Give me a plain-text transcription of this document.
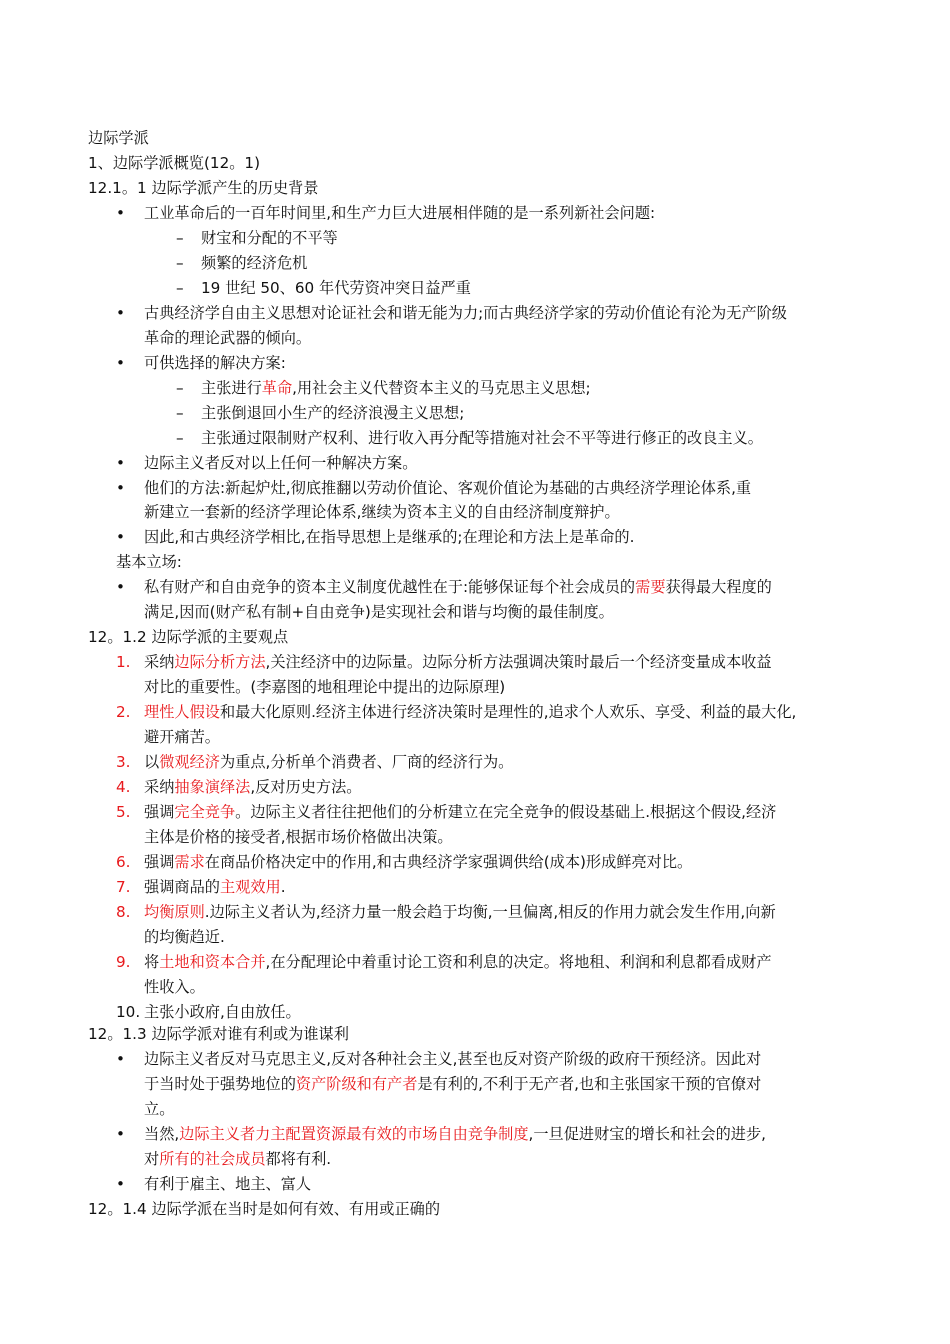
边际学派
1、边际学派概览(12。1)
12.1。1 边际学派产生的历史背景
• 工业革命后的一百年时间里,和生产力巨大进展相伴随的是一系列新社会问题:
– 财宝和分配的不平等
– 频繁的经济危机
– 19 世纪 50、60 年代劳资冲突日益严重
• 古典经济学自由主义思想对论证社会和谐无能为力;而古典经济学家的劳动价值论有沦为无产阶级
革命的理论武器的倾向。
• 可供选择的解决方案:
– 主张进行革命,用社会主义代替资本主义的马克思主义思想;
– 主张倒退回小生产的经济浪漫主义思想;
– 主张通过限制财产权利、进行收入再分配等措施对社会不平等进行修正的改良主义。
• 边际主义者反对以上任何一种解决方案。
• 他们的方法:新起炉灶,彻底推翻以劳动价值论、客观价值论为基础的古典经济学理论体系,重
新建立一套新的经济学理论体系,继续为资本主义的自由经济制度辩护。
• 因此,和古典经济学相比,在指导思想上是继承的;在理论和方法上是革命的.
基本立场:
• 私有财产和自由竞争的资本主义制度优越性在于:能够保证每个社会成员的需要获得最大程度的
满足,因而(财产私有制+自由竞争)是实现社会和谐与均衡的最佳制度。
12。1.2 边际学派的主要观点
12。1.3 边际学派对谁有利或为谁谋利
• 边际主义者反对马克思主义,反对各种社会主义,甚至也反对资产阶级的政府干预经济。因此对
于当时处于强势地位的资产阶级和有产者是有利的,不利于无产者,也和主张国家干预的官僚对
立。
• 当然,边际主义者力主配置资源最有效的市场自由竞争制度,一旦促进财宝的增长和社会的进步,
对所有的社会成员都将有利.
• 有利于雇主、地主、富人
12。1.4 边际学派在当时是如何有效、有用或正确的
1. 采纳边际分析方法,关注经济中的边际量。边际分析方法强调决策时最后一个经济变量成本收益
对比的重要性。(李嘉图的地租理论中提出的边际原理)
2. 理性人假设和最大化原则.经济主体进行经济决策时是理性的,追求个人欢乐、享受、利益的最大化,
避开痛苦。
3. 以微观经济为重点,分析单个消费者、厂商的经济行为。
4. 采纳抽象演绎法,反对历史方法。
5. 强调完全竞争。边际主义者往往把他们的分析建立在完全竞争的假设基础上.根据这个假设,经济
主体是价格的接受者,根据市场价格做出决策。
6. 强调需求在商品价格决定中的作用,和古典经济学家强调供给(成本)形成鲜亮对比。
7. 强调商品的主观效用.
8. 均衡原则.边际主义者认为,经济力量一般会趋于均衡,一旦偏离,相反的作用力就会发生作用,向新
的均衡趋近.
9. 将土地和资本合并,在分配理论中着重讨论工资和利息的决定。将地租、利润和利息都看成财产
性收入。
10. 主张小政府,自由放任。
